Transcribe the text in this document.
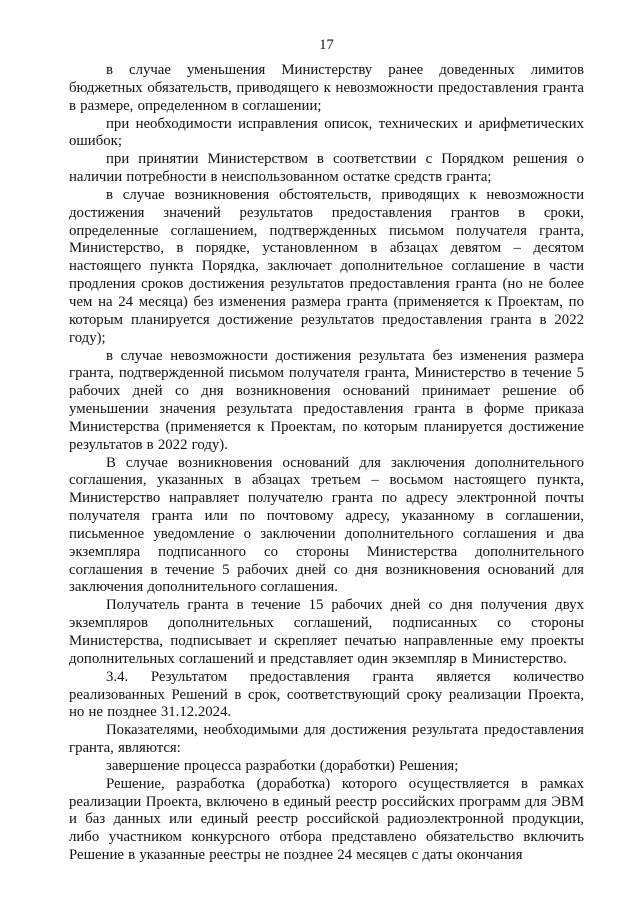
17

в случае уменьшения Министерству ранее доведенных лимитов бюджетных обязательств, приводящего к невозможности предоставления гранта в размере, определенном в соглашении;

при необходимости исправления описок, технических и арифметических ошибок;

при принятии Министерством в соответствии с Порядком решения о наличии потребности в неиспользованном остатке средств гранта;

в случае возникновения обстоятельств, приводящих к невозможности достижения значений результатов предоставления грантов в сроки, определенные соглашением, подтвержденных письмом получателя гранта, Министерство, в порядке, установленном в абзацах девятом – десятом настоящего пункта Порядка, заключает дополнительное соглашение в части продления сроков достижения результатов предоставления гранта (но не более чем на 24 месяца) без изменения размера гранта (применяется к Проектам, по которым планируется достижение результатов предоставления гранта в 2022 году);

в случае невозможности достижения результата без изменения размера гранта, подтвержденной письмом получателя гранта, Министерство в течение 5 рабочих дней со дня возникновения оснований принимает решение об уменьшении значения результата предоставления гранта в форме приказа Министерства (применяется к Проектам, по которым планируется достижение результатов в 2022 году).

В случае возникновения оснований для заключения дополнительного соглашения, указанных в абзацах третьем – восьмом настоящего пункта, Министерство направляет получателю гранта по адресу электронной почты получателя гранта или по почтовому адресу, указанному в соглашении, письменное уведомление о заключении дополнительного соглашения и два экземпляра подписанного со стороны Министерства дополнительного соглашения в течение 5 рабочих дней со дня возникновения оснований для заключения дополнительного соглашения.

Получатель гранта в течение 15 рабочих дней со дня получения двух экземпляров дополнительных соглашений, подписанных со стороны Министерства, подписывает и скрепляет печатью направленные ему проекты дополнительных соглашений и представляет один экземпляр в Министерство.

3.4. Результатом предоставления гранта является количество реализованных Решений в срок, соответствующий сроку реализации Проекта, но не позднее 31.12.2024.

Показателями, необходимыми для достижения результата предоставления гранта, являются:

завершение процесса разработки (доработки) Решения;

Решение, разработка (доработка) которого осуществляется в рамках реализации Проекта, включено в единый реестр российских программ для ЭВМ и баз данных или единый реестр российской радиоэлектронной продукции, либо участником конкурсного отбора представлено обязательство включить Решение в указанные реестры не позднее 24 месяцев с даты окончания
